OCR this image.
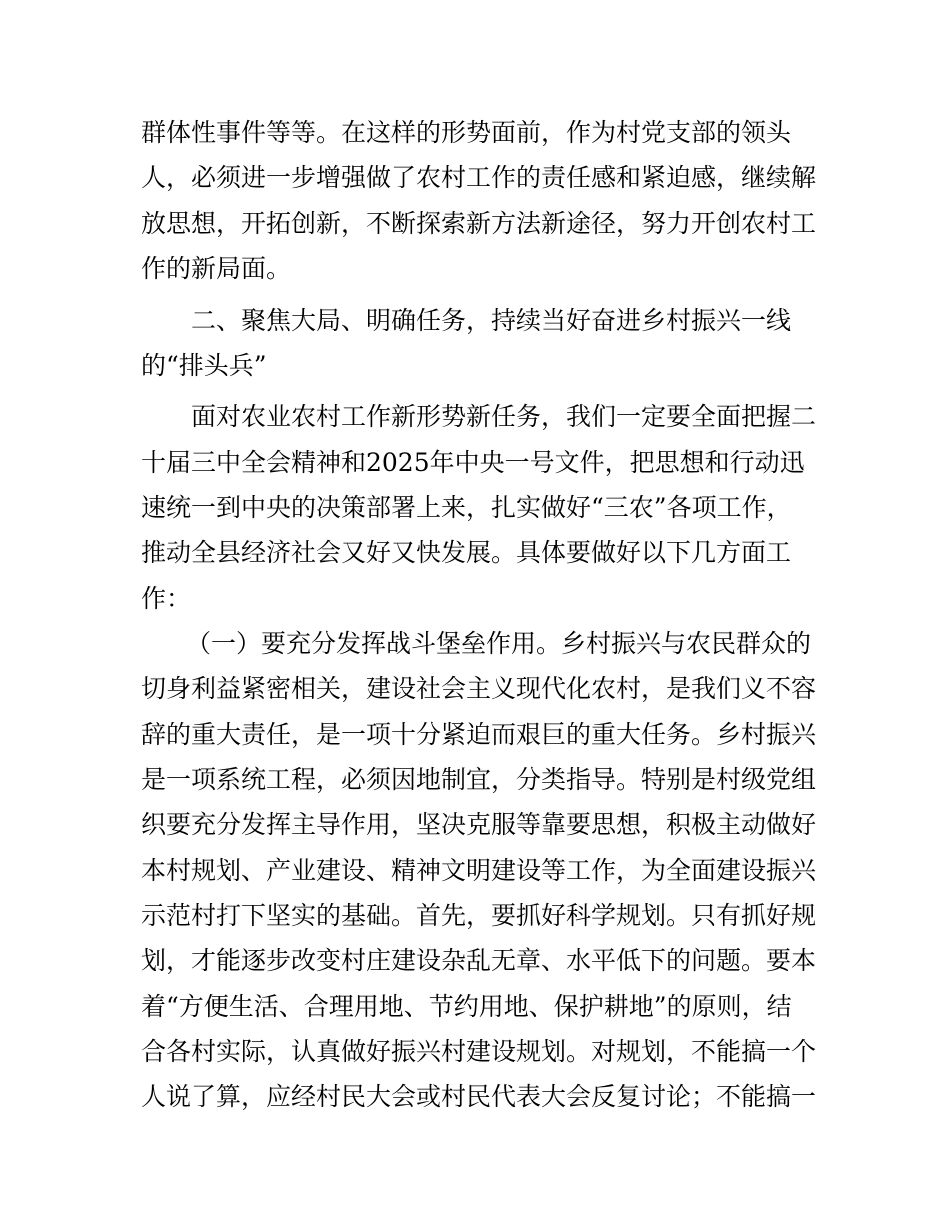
群体性事件等等。在这样的形势面前，作为村党支部的领头

人，必须进一步增强做了农村工作的责任感和紧迫感，继续解

放思想，开拓创新，不断探索新方法新途径，努力开创农村工

作的新局面。

二、聚焦大局、明确任务，持续当好奋进乡村振兴一线

的“排头兵”

面对农业农村工作新形势新任务，我们一定要全面把握二

十届三中全会精神和2025年中央一号文件，把思想和行动迅

速统一到中央的决策部署上来，扎实做好“三农”各项工作，

推动全县经济社会又好又快发展。具体要做好以下几方面工

作：

（一）要充分发挥战斗堡垒作用。乡村振兴与农民群众的

切身利益紧密相关，建设社会主义现代化农村，是我们义不容

辞的重大责任，是一项十分紧迫而艰巨的重大任务。乡村振兴

是一项系统工程，必须因地制宜，分类指导。特别是村级党组

织要充分发挥主导作用，坚决克服等靠要思想，积极主动做好

本村规划、产业建设、精神文明建设等工作，为全面建设振兴

示范村打下坚实的基础。首先，要抓好科学规划。只有抓好规

划，才能逐步改变村庄建设杂乱无章、水平低下的问题。要本

着“方便生活、合理用地、节约用地、保护耕地”的原则，结

合各村实际，认真做好振兴村建设规划。对规划，不能搞一个

人说了算，应经村民大会或村民代表大会反复讨论；不能搞一
